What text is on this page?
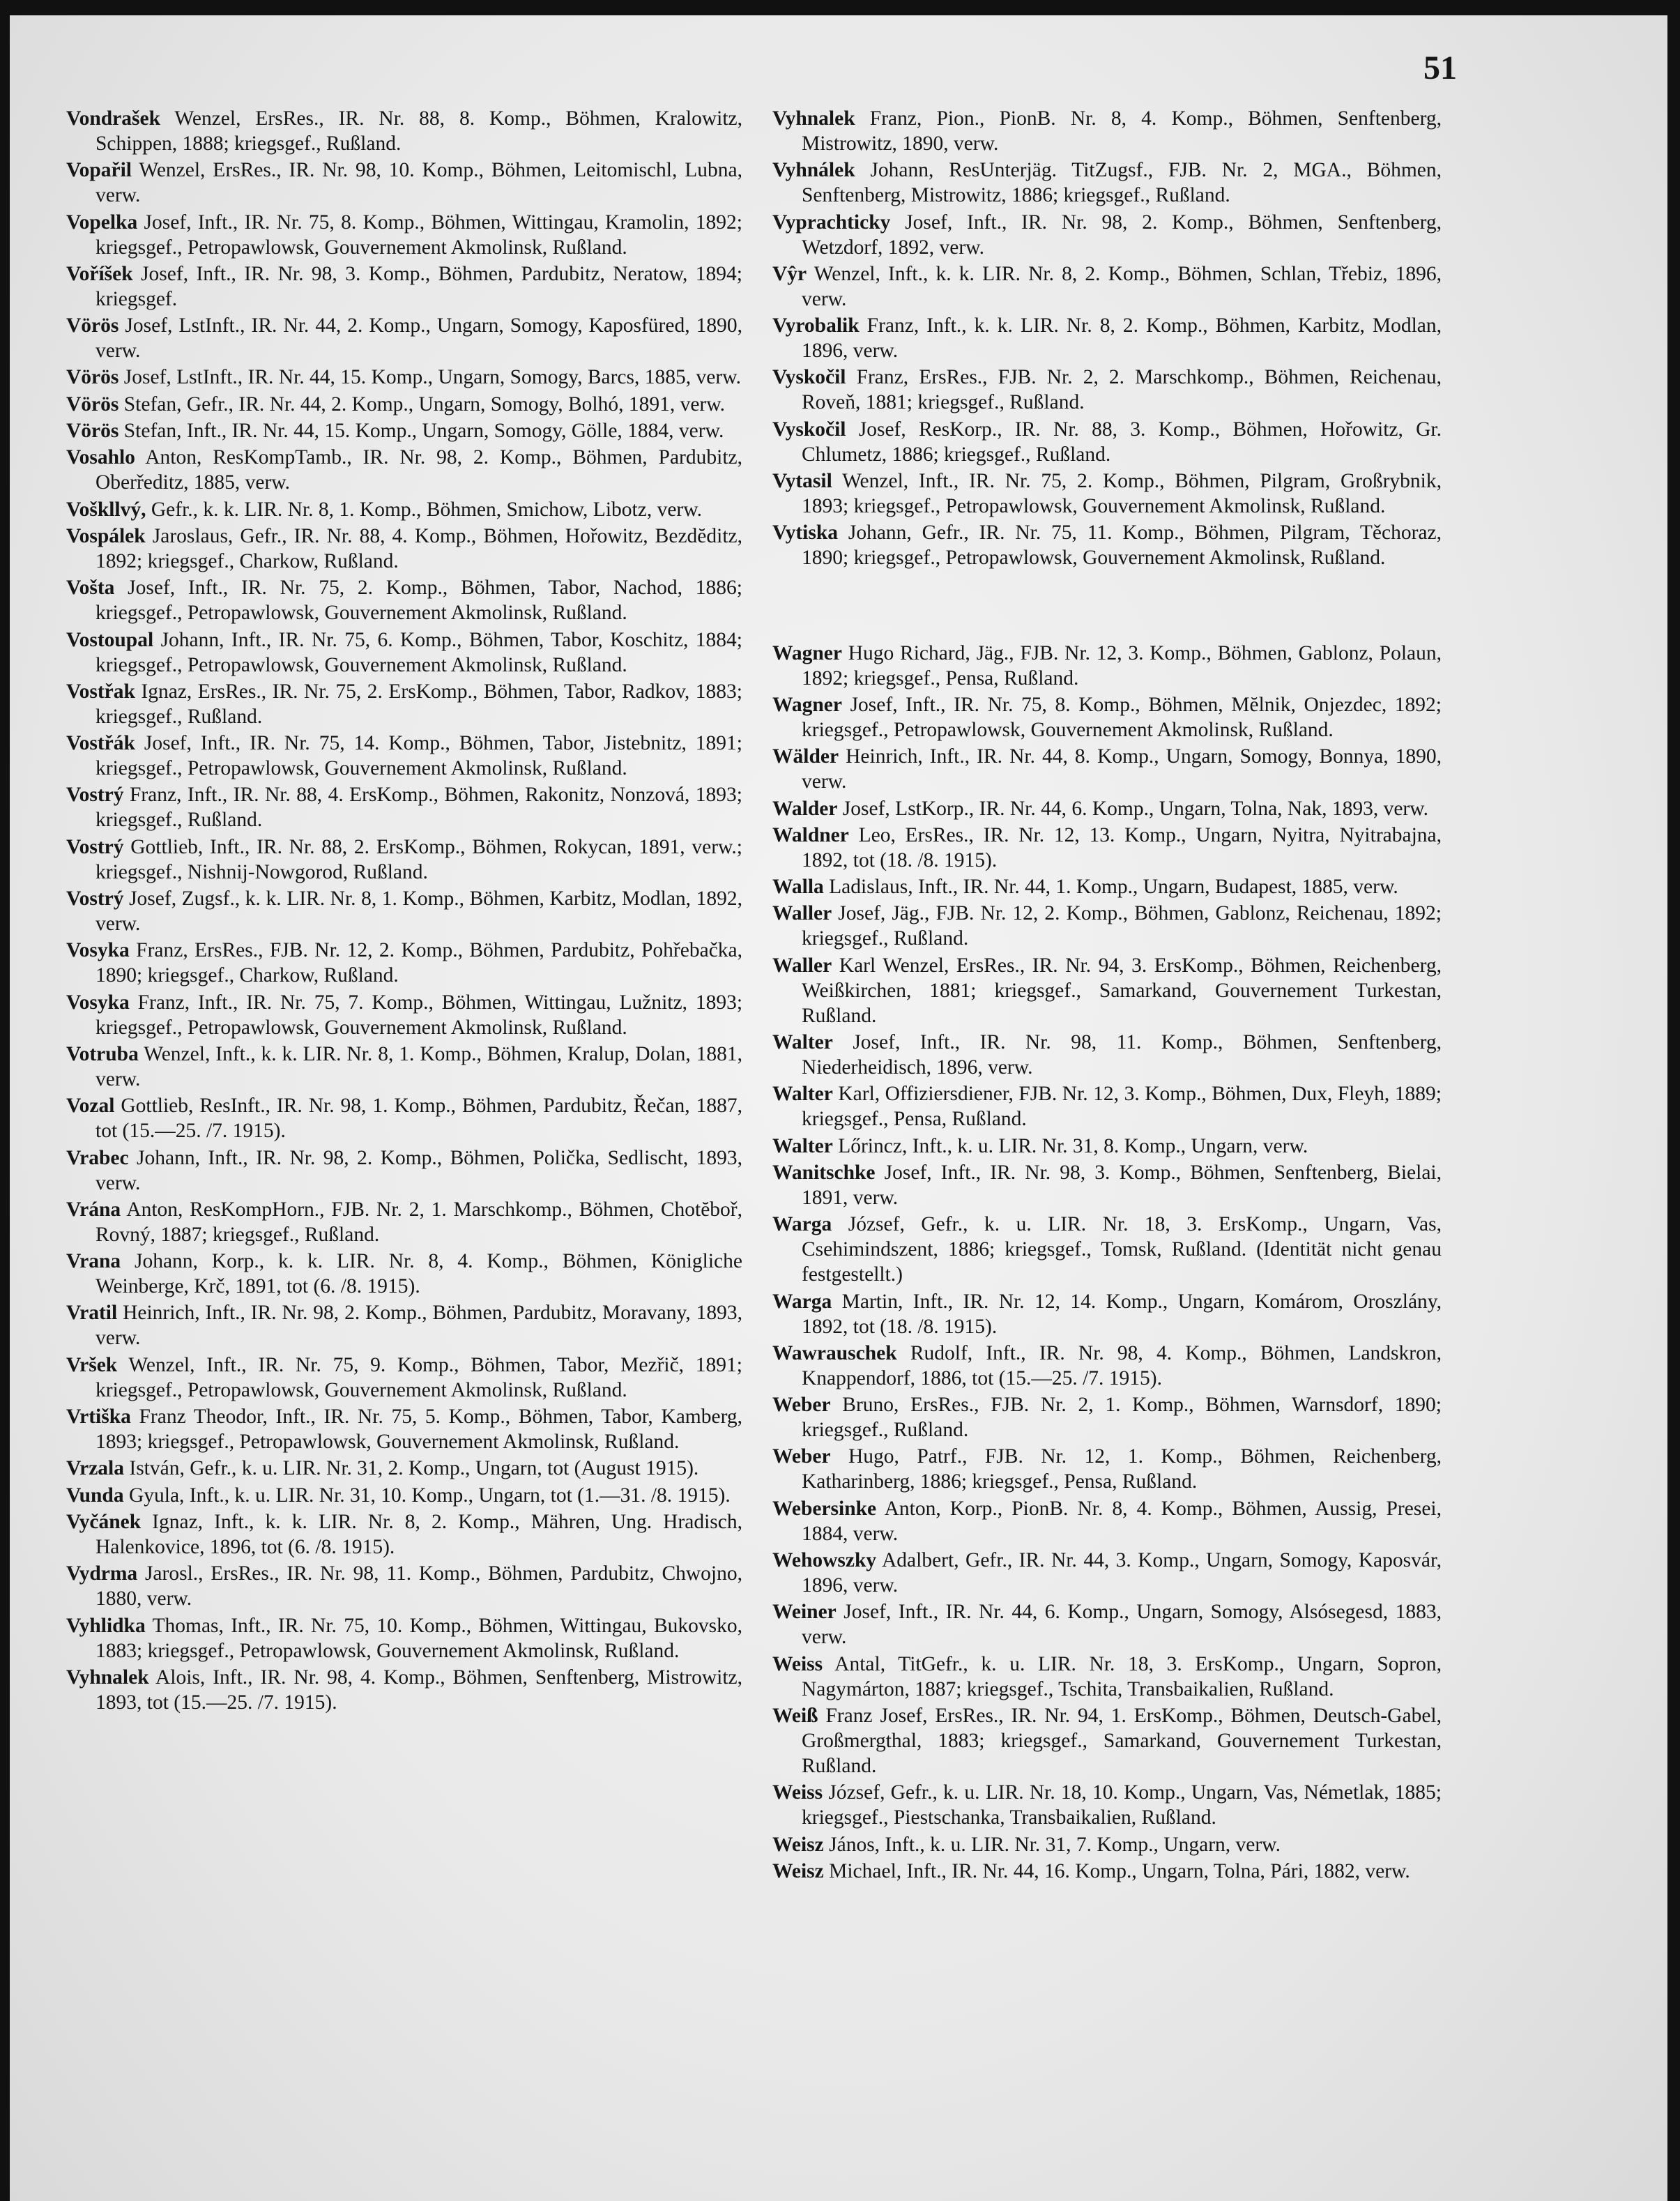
51

Vondrašek Wenzel, ErsRes., IR. Nr. 88, 8. Komp., Böhmen, Kralowitz, Schippen, 1888; kriegsgef., Rußland.

Vopařil Wenzel, ErsRes., IR. Nr. 98, 10. Komp., Böhmen, Leitomischl, Lubna, verw.

Vopelka Josef, Inft., IR. Nr. 75, 8. Komp., Böhmen, Wittingau, Kramolin, 1892; kriegsgef., Petropawlowsk, Gouvernement Akmolinsk, Rußland.

Voříšek Josef, Inft., IR. Nr. 98, 3. Komp., Böhmen, Pardubitz, Neratow, 1894; kriegsgef.

Vörös Josef, LstInft., IR. Nr. 44, 2. Komp., Ungarn, Somogy, Kaposfüred, 1890, verw.

Vörös Josef, LstInft., IR. Nr. 44, 15. Komp., Ungarn, Somogy, Barcs, 1885, verw.

Vörös Stefan, Gefr., IR. Nr. 44, 2. Komp., Ungarn, Somogy, Bolhó, 1891, verw.

Vörös Stefan, Inft., IR. Nr. 44, 15. Komp., Ungarn, Somogy, Gölle, 1884, verw.

Vosahlo Anton, ResKompTamb., IR. Nr. 98, 2. Komp., Böhmen, Pardubitz, Oberředitz, 1885, verw.

Voškllvý, Gefr., k. k. LIR. Nr. 8, 1. Komp., Böhmen, Smichow, Libotz, verw.

Vospálek Jaroslaus, Gefr., IR. Nr. 88, 4. Komp., Böhmen, Hořowitz, Bezdĕditz, 1892; kriegsgef., Charkow, Rußland.

Vošta Josef, Inft., IR. Nr. 75, 2. Komp., Böhmen, Tabor, Nachod, 1886; kriegsgef., Petropawlowsk, Gouvernement Akmolinsk, Rußland.

Vostoupal Johann, Inft., IR. Nr. 75, 6. Komp., Böhmen, Tabor, Koschitz, 1884; kriegsgef., Petropawlowsk, Gouvernement Akmolinsk, Rußland.

Vostřak Ignaz, ErsRes., IR. Nr. 75, 2. ErsKomp., Böhmen, Tabor, Radkov, 1883; kriegsgef., Rußland.

Vostřák Josef, Inft., IR. Nr. 75, 14. Komp., Böhmen, Tabor, Jistebnitz, 1891; kriegsgef., Petropawlowsk, Gouvernement Akmolinsk, Rußland.

Vostrý Franz, Inft., IR. Nr. 88, 4. ErsKomp., Böhmen, Rakonitz, Nonzová, 1893; kriegsgef., Rußland.

Vostrý Gottlieb, Inft., IR. Nr. 88, 2. ErsKomp., Böhmen, Rokycan, 1891, verw.; kriegsgef., Nishnij-Nowgorod, Rußland.

Vostrý Josef, Zugsf., k. k. LIR. Nr. 8, 1. Komp., Böhmen, Karbitz, Modlan, 1892, verw.

Vosyka Franz, ErsRes., FJB. Nr. 12, 2. Komp., Böhmen, Pardubitz, Pohřebačka, 1890; kriegsgef., Charkow, Rußland.

Vosyka Franz, Inft., IR. Nr. 75, 7. Komp., Böhmen, Wittingau, Lužnitz, 1893; kriegsgef., Petropawlowsk, Gouvernement Akmolinsk, Rußland.

Votruba Wenzel, Inft., k. k. LIR. Nr. 8, 1. Komp., Böhmen, Kralup, Dolan, 1881, verw.

Vozal Gottlieb, ResInft., IR. Nr. 98, 1. Komp., Böhmen, Pardubitz, Řečan, 1887, tot (15.—25. /7. 1915).

Vrabec Johann, Inft., IR. Nr. 98, 2. Komp., Böhmen, Polička, Sedlischt, 1893, verw.

Vrána Anton, ResKompHorn., FJB. Nr. 2, 1. Marschkomp., Böhmen, Chotĕboř, Rovný, 1887; kriegsgef., Rußland.

Vrana Johann, Korp., k. k. LIR. Nr. 8, 4. Komp., Böhmen, Königliche Weinberge, Krč, 1891, tot (6. /8. 1915).

Vratil Heinrich, Inft., IR. Nr. 98, 2. Komp., Böhmen, Pardubitz, Moravany, 1893, verw.

Vršek Wenzel, Inft., IR. Nr. 75, 9. Komp., Böhmen, Tabor, Mezřič, 1891; kriegsgef., Petropawlowsk, Gouvernement Akmolinsk, Rußland.

Vrtiška Franz Theodor, Inft., IR. Nr. 75, 5. Komp., Böhmen, Tabor, Kamberg, 1893; kriegsgef., Petropawlowsk, Gouvernement Akmolinsk, Rußland.

Vrzala István, Gefr., k. u. LIR. Nr. 31, 2. Komp., Ungarn, tot (August 1915).

Vunda Gyula, Inft., k. u. LIR. Nr. 31, 10. Komp., Ungarn, tot (1.—31. /8. 1915).

Vyčánek Ignaz, Inft., k. k. LIR. Nr. 8, 2. Komp., Mähren, Ung. Hradisch, Halenkovice, 1896, tot (6. /8. 1915).

Vydrma Jarosl., ErsRes., IR. Nr. 98, 11. Komp., Böhmen, Pardubitz, Chwojno, 1880, verw.

Vyhlidka Thomas, Inft., IR. Nr. 75, 10. Komp., Böhmen, Wittingau, Bukovsko, 1883; kriegsgef., Petropawlowsk, Gouvernement Akmolinsk, Rußland.

Vyhnalek Alois, Inft., IR. Nr. 98, 4. Komp., Böhmen, Senftenberg, Mistrowitz, 1893, tot (15.—25. /7. 1915).

Vyhnalek Franz, Pion., PionB. Nr. 8, 4. Komp., Böhmen, Senftenberg, Mistrowitz, 1890, verw.

Vyhnálek Johann, ResUnterjäg. TitZugsf., FJB. Nr. 2, MGA., Böhmen, Senftenberg, Mistrowitz, 1886; kriegsgef., Rußland.

Vyprachticky Josef, Inft., IR. Nr. 98, 2. Komp., Böhmen, Senftenberg, Wetzdorf, 1892, verw.

Vŷr Wenzel, Inft., k. k. LIR. Nr. 8, 2. Komp., Böhmen, Schlan, Třebiz, 1896, verw.

Vyrobalik Franz, Inft., k. k. LIR. Nr. 8, 2. Komp., Böhmen, Karbitz, Modlan, 1896, verw.

Vyskočil Franz, ErsRes., FJB. Nr. 2, 2. Marschkomp., Böhmen, Reichenau, Roveň, 1881; kriegsgef., Rußland.

Vyskočil Josef, ResKorp., IR. Nr. 88, 3. Komp., Böhmen, Hořowitz, Gr. Chlumetz, 1886; kriegsgef., Rußland.

Vytasil Wenzel, Inft., IR. Nr. 75, 2. Komp., Böhmen, Pilgram, Großrybnik, 1893; kriegsgef., Petropawlowsk, Gouvernement Akmolinsk, Rußland.

Vytiska Johann, Gefr., IR. Nr. 75, 11. Komp., Böhmen, Pilgram, Těchoraz, 1890; kriegsgef., Petropawlowsk, Gouvernement Akmolinsk, Rußland.

Wagner Hugo Richard, Jäg., FJB. Nr. 12, 3. Komp., Böhmen, Gablonz, Polaun, 1892; kriegsgef., Pensa, Rußland.

Wagner Josef, Inft., IR. Nr. 75, 8. Komp., Böhmen, Mĕlnik, Onjezdec, 1892; kriegsgef., Petropawlowsk, Gouvernement Akmolinsk, Rußland.

Wälder Heinrich, Inft., IR. Nr. 44, 8. Komp., Ungarn, Somogy, Bonnya, 1890, verw.

Walder Josef, LstKorp., IR. Nr. 44, 6. Komp., Ungarn, Tolna, Nak, 1893, verw.

Waldner Leo, ErsRes., IR. Nr. 12, 13. Komp., Ungarn, Nyitra, Nyitrabajna, 1892, tot (18. /8. 1915).

Walla Ladislaus, Inft., IR. Nr. 44, 1. Komp., Ungarn, Budapest, 1885, verw.

Waller Josef, Jäg., FJB. Nr. 12, 2. Komp., Böhmen, Gablonz, Reichenau, 1892; kriegsgef., Rußland.

Waller Karl Wenzel, ErsRes., IR. Nr. 94, 3. ErsKomp., Böhmen, Reichenberg, Weißkirchen, 1881; kriegsgef., Samarkand, Gouvernement Turkestan, Rußland.

Walter Josef, Inft., IR. Nr. 98, 11. Komp., Böhmen, Senftenberg, Niederheidisch, 1896, verw.

Walter Karl, Offiziersdiener, FJB. Nr. 12, 3. Komp., Böhmen, Dux, Fleyh, 1889; kriegsgef., Pensa, Rußland.

Walter Lőrincz, Inft., k. u. LIR. Nr. 31, 8. Komp., Ungarn, verw.

Wanitschke Josef, Inft., IR. Nr. 98, 3. Komp., Böhmen, Senftenberg, Bielai, 1891, verw.

Warga József, Gefr., k. u. LIR. Nr. 18, 3. ErsKomp., Ungarn, Vas, Csehimindszent, 1886; kriegsgef., Tomsk, Rußland. (Identität nicht genau festgestellt.)

Warga Martin, Inft., IR. Nr. 12, 14. Komp., Ungarn, Komárom, Oroszlány, 1892, tot (18. /8. 1915).

Wawrauschek Rudolf, Inft., IR. Nr. 98, 4. Komp., Böhmen, Landskron, Knappendorf, 1886, tot (15.—25. /7. 1915).

Weber Bruno, ErsRes., FJB. Nr. 2, 1. Komp., Böhmen, Warnsdorf, 1890; kriegsgef., Rußland.

Weber Hugo, Patrf., FJB. Nr. 12, 1. Komp., Böhmen, Reichenberg, Katharinberg, 1886; kriegsgef., Pensa, Rußland.

Webersinke Anton, Korp., PionB. Nr. 8, 4. Komp., Böhmen, Aussig, Presei, 1884, verw.

Wehowszky Adalbert, Gefr., IR. Nr. 44, 3. Komp., Ungarn, Somogy, Kaposvár, 1896, verw.

Weiner Josef, Inft., IR. Nr. 44, 6. Komp., Ungarn, Somogy, Alsósegesd, 1883, verw.

Weiss Antal, TitGefr., k. u. LIR. Nr. 18, 3. ErsKomp., Ungarn, Sopron, Nagymárton, 1887; kriegsgef., Tschita, Transbaikalien, Rußland.

Weiß Franz Josef, ErsRes., IR. Nr. 94, 1. ErsKomp., Böhmen, Deutsch-Gabel, Großmergthal, 1883; kriegsgef., Samarkand, Gouvernement Turkestan, Rußland.

Weiss József, Gefr., k. u. LIR. Nr. 18, 10. Komp., Ungarn, Vas, Németlak, 1885; kriegsgef., Piestschanka, Transbaikalien, Rußland.

Weisz János, Inft., k. u. LIR. Nr. 31, 7. Komp., Ungarn, verw.

Weisz Michael, Inft., IR. Nr. 44, 16. Komp., Ungarn, Tolna, Pári, 1882, verw.
